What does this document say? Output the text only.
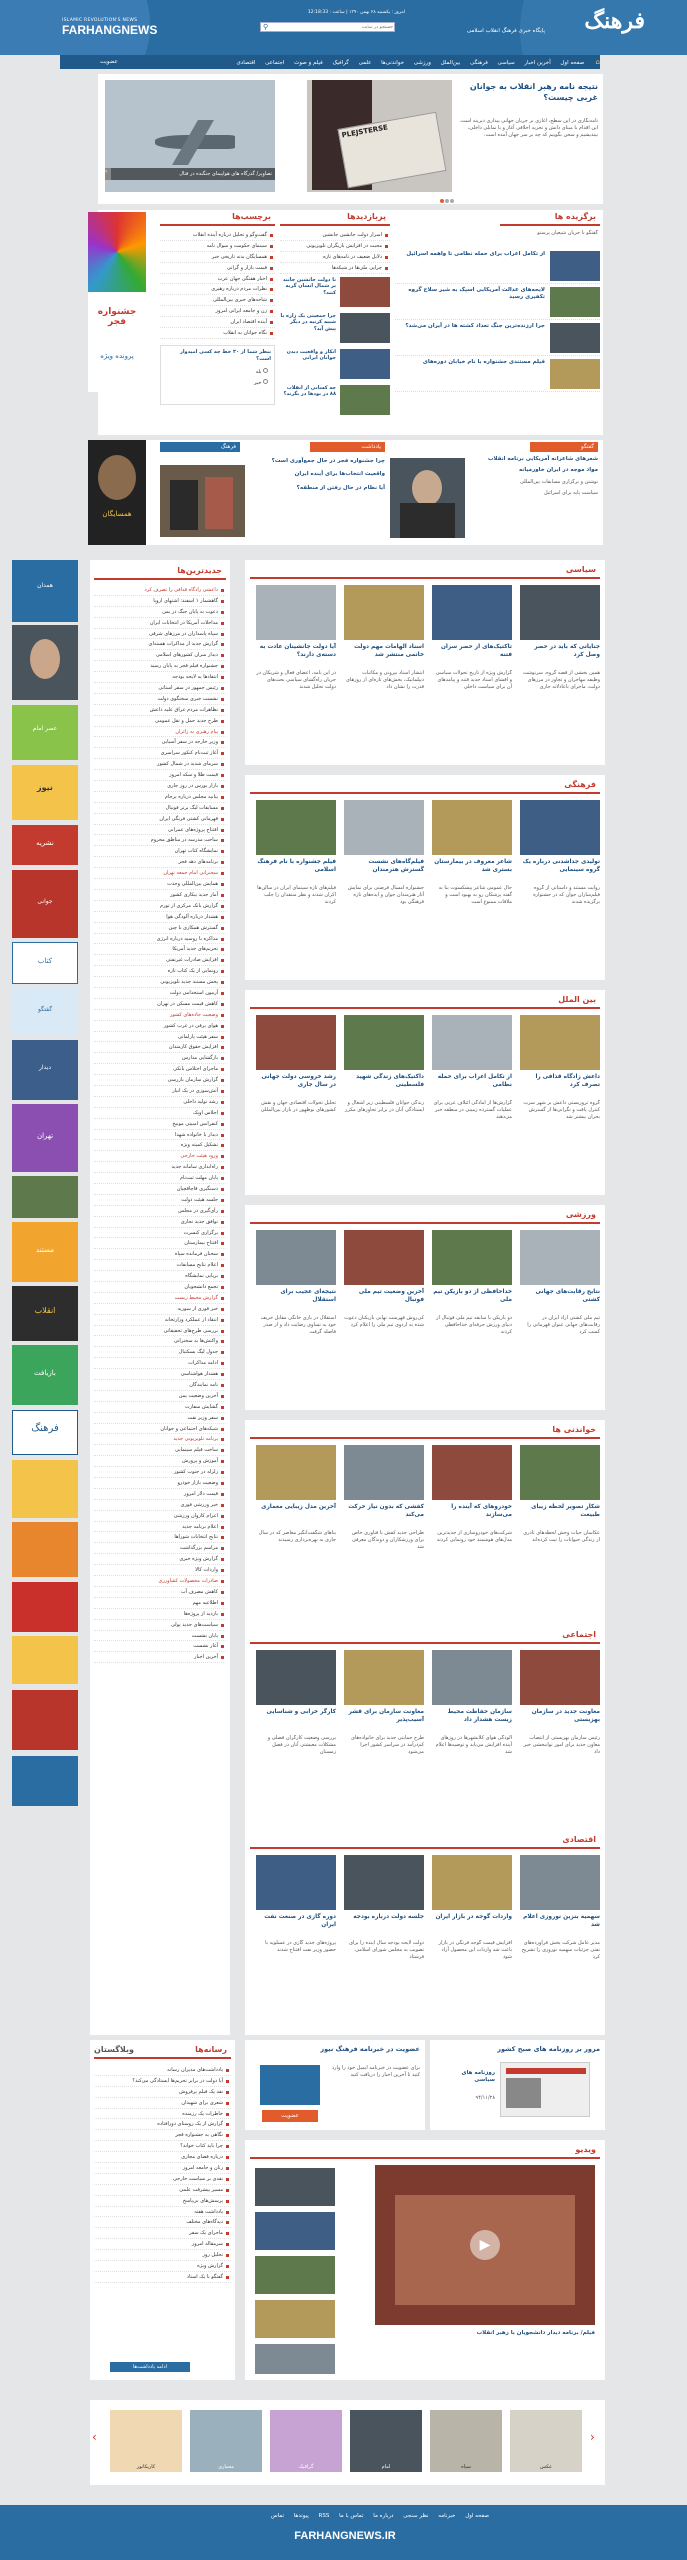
فرهنگ
پایگاه خبری فرهنگ انقلاب اسلامی
ISLAMIC REVOLUTION'S NEWS
FARHANGNEWS
امروز : یکشنبه ۲۸ بهمن ۱۳۹۰ | ساعت : 12:18:33
⚲
جستجو در سایت
⌂ صفحه اول آخرین اخبار سیاسی فرهنگی بین‌الملل ورزشی خواندنی‌ها علمی گرافیک فیلم و صوت اجتماعی اقتصادی
عضویت
تصاویر/ گذرگاه های هواپیمای جنگنده در قتال
‹
PLEJSTERSE
نتیجه نامه رهبر انقلاب به جوانان غربی چیست؟
نامه‌نگاری در این سطح، آغازی بر جریان جهانی بیداری دیرینه است. این اقدام با مبنای دانش و تجربه اخلاقی آغاز و با تمایلی داخلی، بیندیشیم و سخن بگوییم که چه بر سر جهان آمده است.
برگزیده ها
گفتگو با جریان شیعیان پرستو
از تکامل اعراب برای حمله نظامی تا واهمه اسرائیل
لایحه‌های عدالت آمریکایی اسپک به شیر سلاح گروه تکفیری رسید
جرا ارزنده‌ترین جنگ تعداد کشته ها در آیران می‌شد؟
فیلم مستندی جشنواره با نام خیابان دوره‌های
پربازدیدها
اسرار دولت جانشین جانشین
محبت در افزایش بازیگران تلویزیونی
دلایل ضعیف در نامه‌های تازه
چرایی ملی‌ها در شبکه‌ها
تا دولت جانشین جاتند بر شمال انسان گریه کنند؟
چرا جمعیتی یک زاره یا شبیه کرتیه در دیگر پیش آید؟
انکار و واقعیت دیدن جوانان ایرانی
چه کسانی از انقلاب ۸۸ در بودها در بگرند؟
برچسب‌ها
گفت‌وگو و تحلیل درباره آینده انقلاب
سینمای حکومت و سوال نامه
همسایگان بدنه تاریخی خبر
قیمت بازار و گرانی
اخبار هفتگی جهان عرب
نظرات مردم درباره رهبری
شاخه‌های خبری بین‌المللی
زن و جامعه ایرانی امروز
آینده اقتصاد ایران
نگاه جوانان به انقلاب
بنظر شما از ۳۰ خط چه کسی امیدوار است؟
بله
خیر
جشنواره فجر
پرونده ویژه
گفتگو
شعرهای شاعرانه آمریکایی برنامه انقلاب
مواد موجه در ایران خاورمیانه
نوشتن و برگزاری مسابقات بین‌المللی
سیاست پایه برای اسرائیل
یادداشت
چرا جشنواره فجر در حال جمع‌آوری است؟
واقعیت انتخاب‌ها برای آینده ایران
آیا نظام در حال رفتن از منطقه؟
فرهنگ
همسایگان
همدان
عصر امام
نیوز
نشریه
جوانی
کتاب
گفتگو
دیدار
تهران
مستند
انقلاب
بازیافت
فرهنگ
جدیدترین‌ها
داعشی زادگاه قذافی را تصرف کرد
گاهشمار ۱ اسفند: اشتهای اروپا
دعوت به پایان جنگ در یمن
مداخلات آمریکا در انتخابات ایران
سپاه پاسداران در مرزهای شرقی
گزارش جدید از مذاکرات هسته‌ای
دیدار سران کشورهای اسلامی
جشنواره فیلم فجر به پایان رسید
انتقادها به لایحه بودجه
رئیس جمهور در سفر استانی
نشست خبری سخنگوی دولت
تظاهرات مردم عراق علیه داعش
طرح جدید حمل و نقل عمومی
پیام رهبری به زائران
وزیر خارجه در سفر آسیایی
آغاز ثبت‌نام کنکور سراسری
سرمای شدید در شمال کشور
قیمت طلا و سکه امروز
بازار بورس در روز جاری
بیانیه مجلس درباره برجام
مسابقات لیگ برتر فوتبال
قهرمانی کشتی فرنگی ایران
افتتاح پروژه‌های عمرانی
ساخت مدرسه در مناطق محروم
نمایشگاه کتاب تهران
برنامه‌های دهه فجر
سخنرانی امام جمعه تهران
همایش بین‌المللی وحدت
آمار جدید بیکاری کشور
گزارش بانک مرکزی از تورم
هشدار درباره آلودگی هوا
گسترش همکاری با چین
مذاکره با روسیه درباره انرژی
تحریم‌های جدید آمریکا
افزایش صادرات غیرنفتی
رونمایی از یک کتاب تازه
پخش مستند جدید تلویزیونی
آزمون استخدامی دولت
کاهش قیمت مسکن در تهران
وضعیت جاده‌های کشور
هوای برفی در غرب کشور
سفر هیئت پارلمانی
افزایش حقوق کارمندان
بازگشایی مدارس
ماجرای اختلاس بانکی
گزارش سازمان بازرسی
آتش‌سوزی در یک انبار
رشد تولید داخلی
اجلاس اوپک
کنفرانس امنیتی مونیخ
دیدار با خانواده شهدا
تشکیل کمیته ویژه
ورود هیئت خارجی
راه‌اندازی سامانه جدید
پایان مهلت ثبت‌نام
دستگیری قاچاقچیان
جلسه هیئت دولت
رأی‌گیری در مجلس
توافق جدید تجاری
برگزاری کنسرت
افتتاح بیمارستان
سخنان فرمانده سپاه
اعلام نتایج مسابقات
برپایی نمایشگاه
تجمع دانشجویان
گزارش محیط زیست
خبر فوری از سوریه
انتقاد از عملکرد وزارتخانه
بررسی طرح‌های تحقیقاتی
واکنش‌ها به سخنرانی
جدول لیگ بسکتبال
ادامه مذاکرات
هشدار هواشناسی
نامه نمایندگان
آخرین وضعیت یمن
گشایش سفارت
سفر وزیر نفت
شبکه‌های اجتماعی و جوانان
برنامه تلویزیونی جدید
ساخت فیلم سینمایی
آموزش و پرورش
زلزله در جنوب کشور
وضعیت بازار خودرو
قیمت دلار امروز
خبر ورزشی فوری
اعزام کاروان ورزشی
اعلام برنامه جدید
نتایج انتخابات شوراها
مراسم بزرگداشت
گزارش ویژه خبری
واردات کالا
صادرات محصولات کشاورزی
کاهش مصرف آب
اطلاعیه مهم
بازدید از پروژه‌ها
سیاست‌های جدید پولی
پایان نشست
آغاز نشست
آخرین اخبار
سیاسی
جنایاتی که باید در حصر وصل کرد
همین بخشی از قصه گروه، سرنوشت وظیفه مهاجران و تجاوز در مرزهای دولت، ماجرای ناعادلانه جاری
تاکتیک‌های از حصر سران فتنه
گزارش ویژه از تاریخ تحولات سیاسی و افشای اسناد جدید فتنه و پیامدهای آن برای سیاست داخلی
اسناد الهامات مهم دولت خاتمی منتشر شد
انتشار اسناد بیرونی و مکاتبات دیپلماتیک، بخش‌های تازه‌ای از روزهای قدرت را نشان داد
آیا دولت جانشینان عادت به دسته‌ی دارند؟
در این نامه، اعضای فعال و شریکان در جریان راه‌گشای سیاسی بحث‌های دولت تحلیل شدند
فرهنگی
تولیدی جداشدنی درباره یک گروه سینمایی
روایت مستند و داستانی از گروه فیلم‌سازان جوان که در جشنواره برگزیده شدند
شاعر معروف در بیمارستان بستری شد
حال عمومی شاعر پیشکسوت بنا به گفته پزشکان رو به بهبود است و ملاقات ممنوع است
فیلم‌گاه‌های نشست گسترش هنرمندان
جشنواره امسال فرصتی برای نمایش آثار هنرمندان جوان و ایده‌های تازه فرهنگی بود
فیلم جشنواره با نام فرهنگ اسلامی
فیلم‌های تازه سینمای ایران در سالن‌ها اکران شدند و نظر منتقدان را جلب کردند
بین الملل
داعش زادگاه قذافی را تصرف کرد
گروه تروریستی داعش بر شهر سرت کنترل یافت و نگرانی‌ها از گسترش بحران بیشتر شد
از تکامل اعراب برای حمله نظامی
گزارش‌ها از آمادگی ائتلاف عربی برای عملیات گسترده زمینی در منطقه خبر می‌دهند
داکتیک‌های زندگی شهید فلسطینی
زندگی جوانان فلسطینی زیر اشغال و ایستادگی آنان در برابر تجاوزهای مکرر
رشد خروسی دولت جهانی در سال جاری
تحلیل تحولات اقتصادی جهان و نقش کشورهای نوظهور در بازار بین‌المللی
ورزشی
نتایج رقابت‌های جهانی کشتی
تیم ملی کشتی آزاد ایران در رقابت‌های جهانی عنوان قهرمانی را کسب کرد
خداحافظی از دو بازیکن تیم ملی
دو بازیکن با سابقه تیم ملی فوتبال از دنیای ورزش حرفه‌ای خداحافظی کردند
آخرین وضعیت تیم ملی فوتبال
کی‌روش فهرست نهایی بازیکنان دعوت شده به اردوی تیم ملی را اعلام کرد
نتیجه‌ای عجیب برای استقلال
استقلال در بازی خانگی مقابل حریف خود به تساوی رضایت داد و از صدر فاصله گرفت
خواندنی ها
شکار تصویر لحظه زیبای طبیعت
عکاسان حیات وحش لحظه‌های نادری از زندگی حیوانات را ثبت کرده‌اند
خودروهای که آینده را می‌سازند
شرکت‌های خودروسازی از جدیدترین مدل‌های هوشمند خود رونمایی کردند
کفشی که بدون نیاز حرکت می‌کند
طراحی جدید کفش با فناوری خاص برای ورزشکاران و دوندگان معرفی شد
آخرین مدل زیبایی معماری
بناهای شگفت‌انگیز معاصر که در سال جاری به بهره‌برداری رسیدند
اجتماعی
معاونت جدید در سازمان بهزیستی
رئیس سازمان بهزیستی از انتصاب معاون جدید برای امور توانبخشی خبر داد
سازمان حفاظت محیط زیست هشدار داد
آلودگی هوای کلانشهرها در روزهای آینده افزایش می‌یابد و توصیه‌ها اعلام شد
معاونت سازمان برای قشر آسیب‌پذیر
طرح حمایتی جدید برای خانواده‌های کم‌درآمد در سراسر کشور اجرا می‌شود
کارگر خرابی و شناسایی
بررسی وضعیت کارگران فصلی و مشکلات معیشتی آنان در فصل زمستان
اقتصادی
سهمیه بنزین نوروزی اعلام شد
مدیر عامل شرکت پخش فرآورده‌های نفتی جزئیات سهمیه نوروزی را تشریح کرد
واردات گوجه در بازار ایران
افزایش قیمت گوجه فرنگی در بازار باعث شد واردات این محصول آزاد شود
جلسه دولت درباره بودجه
دولت لایحه بودجه سال آینده را برای تصویب به مجلس شورای اسلامی فرستاد
دوره گازی در صنعت نفت ایران
پروژه‌های جدید گازی در عسلویه با حضور وزیر نفت افتتاح شدند
عضویت در خبرنامه فرهنگ نیوز
برای عضویت در خبرنامه ایمیل خود را وارد کنید تا آخرین اخبار را دریافت کنید
عضویت
مرور بر روزنامه های صبح کشور
روزنامه های سیاسی
۹۴/۱۱/۲۸
ویدیو
▶
فیلم/ برنامه دیدار دانشجویان با رهبر انقلاب
رسانه‌ها
وبلاگستان
یادداشت‌های مدیران رسانه
آیا دولت در برابر تحریم‌ها ایستادگی می‌کند؟
نقد یک فیلم پرفروش
شعری برای شهیدان
خاطرات یک رزمنده
گزارش از یک روستای دورافتاده
نگاهی به جشنواره فجر
چرا باید کتاب خواند؟
درباره فضای مجازی
زنان و جامعه امروز
نقدی بر سیاست خارجی
مسیر پیشرفت علمی
پرسش‌های بی‌پاسخ
یادداشت هفته
دیدگاه‌های مختلف
ماجرای یک سفر
سرمقاله امروز
تحلیل روز
گزارش ویژه
گفتگو با یک استاد
ادامه یادداشت‌ها
‹	›
کاریکاتور	معماری	گرافیک	امام	سپاه	عکس
صفحه اول خبرنامه نظر سنجی درباره ما تماس با ما RSS پیوندها تماس
FARHANGNEWS.IR
